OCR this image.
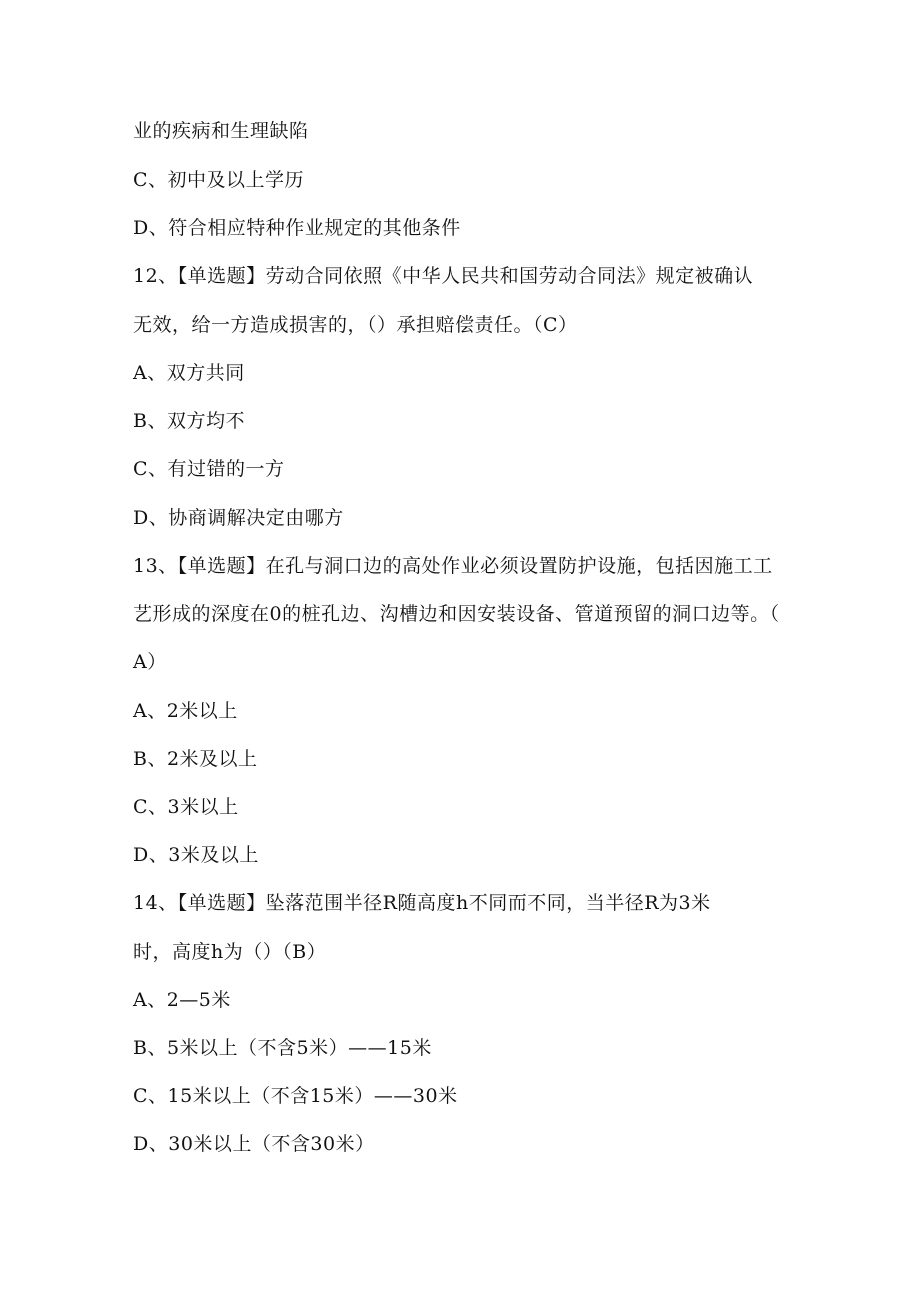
业的疾病和生理缺陷
C、初中及以上学历
D、符合相应特种作业规定的其他条件
12、【单选题】劳动合同依照《中华人民共和国劳动合同法》规定被确认
无效，给一方造成损害的，（）承担赔偿责任。（C）
A、双方共同
B、双方均不
C、有过错的一方
D、协商调解决定由哪方
13、【单选题】在孔与洞口边的高处作业必须设置防护设施，包括因施工工
艺形成的深度在0的桩孔边、沟槽边和因安装设备、管道预留的洞口边等。（
A）
A、2米以上
B、2米及以上
C、3米以上
D、3米及以上
14、【单选题】坠落范围半径R随高度h不同而不同，当半径R为3米
时，高度h为（）（B）
A、2—5米
B、5米以上（不含5米）——15米
C、15米以上（不含15米）——30米
D、30米以上（不含30米）
